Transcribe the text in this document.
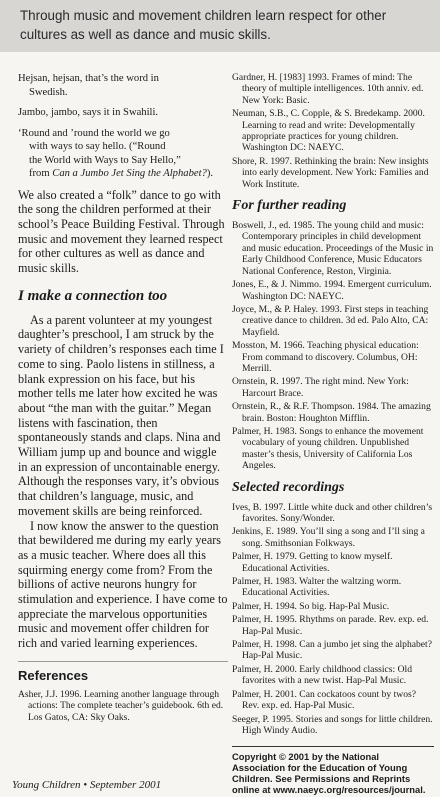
Through music and movement children learn respect for other cultures as well as dance and music skills.

Hejsan, hejsan, that’s the word in
Swedish.

Jambo, jambo, says it in Swahili.

‘Round and ’round the world we go
with ways to say hello. (“Round
the World with Ways to Say Hello,”
from Can a Jumbo Jet Sing the Alphabet?).

We also created a “folk” dance to go with the song the children performed at their school’s Peace Building Festival. Through music and movement they learned respect for other cultures as well as dance and music skills.

I make a connection too

As a parent volunteer at my youngest daughter’s preschool, I am struck by the variety of children’s responses each time I come to sing. Paolo listens in stillness, a blank expression on his face, but his mother tells me later how excited he was about “the man with the guitar.” Megan listens with fascination, then spontaneously stands and claps. Nina and William jump up and bounce and wiggle in an expression of uncontainable energy. Although the responses vary, it’s obvious that children’s language, music, and movement skills are being reinforced.

I now know the answer to the question that bewildered me during my early years as a music teacher. Where does all this squirming energy come from? From the billions of active neurons hungry for stimulation and experience. I have come to appreciate the marvelous opportunities music and movement offer children for rich and varied learning experiences.

References

Asher, J.J. 1996. Learning another language through actions: The complete teacher’s guidebook. 6th ed. Los Gatos, CA: Sky Oaks.

Gardner, H. [1983] 1993. Frames of mind: The theory of multiple intelligences. 10th anniv. ed. New York: Basic.

Neuman, S.B., C. Copple, & S. Bredekamp. 2000. Learning to read and write: Developmentally appropriate practices for young children. Washington DC: NAEYC.

Shore, R. 1997. Rethinking the brain: New insights into early development. New York: Families and Work Institute.

For further reading

Boswell, J., ed. 1985. The young child and music: Contemporary principles in child development and music education. Proceedings of the Music in Early Childhood Conference, Music Educators National Conference, Reston, Virginia.

Jones, E., & J. Nimmo. 1994. Emergent curriculum. Washington DC: NAEYC.

Joyce, M., & P. Haley. 1993. First steps in teaching creative dance to children. 3d ed. Palo Alto, CA: Mayfield.

Mosston, M. 1966. Teaching physical education: From command to discovery. Columbus, OH: Merrill.

Ornstein, R. 1997. The right mind. New York: Harcourt Brace.

Ornstein, R., & R.F. Thompson. 1984. The amazing brain. Boston: Houghton Mifflin.

Palmer, H. 1983. Songs to enhance the movement vocabulary of young children. Unpublished master’s thesis, University of California Los Angeles.

Selected recordings

Ives, B. 1997. Little white duck and other children’s favorites. Sony/Wonder.

Jenkins, E. 1989. You’ll sing a song and I’ll sing a song. Smithsonian Folkways.

Palmer, H. 1979. Getting to know myself. Educational Activities.

Palmer, H. 1983. Walter the waltzing worm. Educational Activities.

Palmer, H. 1994. So big. Hap-Pal Music.

Palmer, H. 1995. Rhythms on parade. Rev. exp. ed. Hap-Pal Music.

Palmer, H. 1998. Can a jumbo jet sing the alphabet? Hap-Pal Music.

Palmer, H. 2000. Early childhood classics: Old favorites with a new twist. Hap-Pal Music.

Palmer, H. 2001. Can cockatoos count by twos? Rev. exp. ed. Hap-Pal Music.

Seeger, P. 1995. Stories and songs for little children. High Windy Audio.

Copyright © 2001 by the National Association for the Education of Young Children. See Permissions and Reprints online at www.naeyc.org/resources/journal.
Young Children • September 2001
